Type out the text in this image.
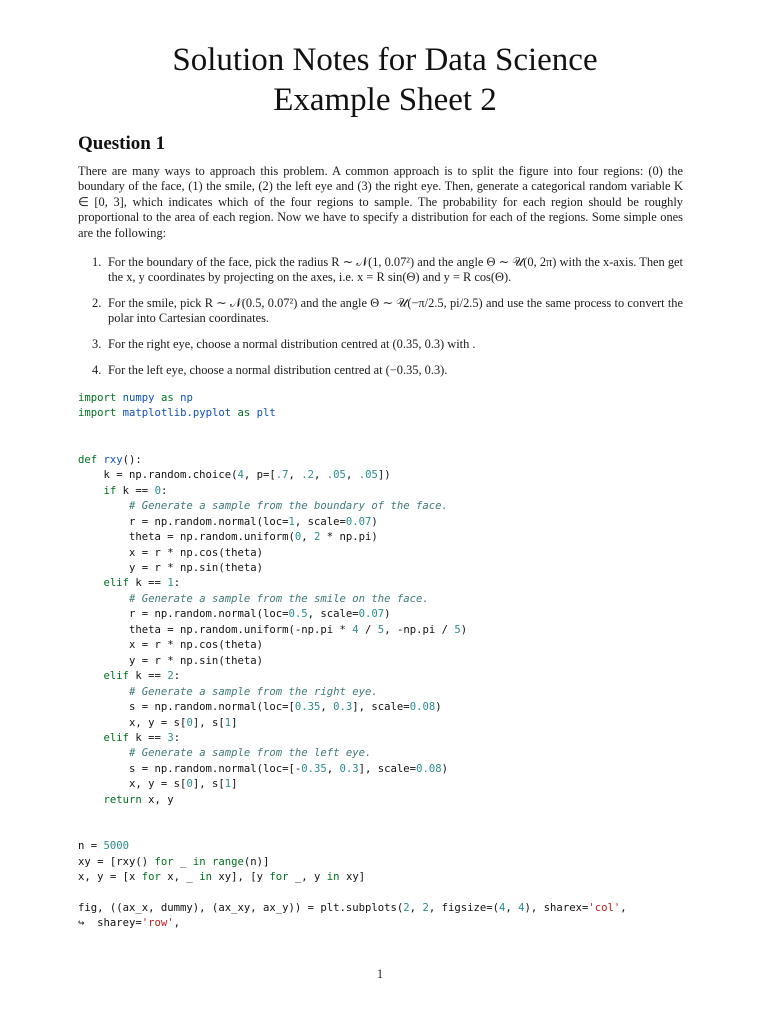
Solution Notes for Data Science
Example Sheet 2
Question 1

There are many ways to approach this problem. A common approach is to split the figure into four regions: (0) the boundary of the face, (1) the smile, (2) the left eye and (3) the right eye. Then, generate a categorical random variable K ∈ [0, 3], which indicates which of the four regions to sample. The probability for each region should be roughly proportional to the area of each region. Now we have to specify a distribution for each of the regions. Some simple ones are the following:

1. For the boundary of the face, pick the radius R ∼ 𝒩(1, 0.07²) and the angle Θ ∼ 𝒰(0, 2π) with the x-axis. Then get the x, y coordinates by projecting on the axes, i.e. x = R sin(Θ) and y = R cos(Θ).
2. For the smile, pick R ∼ 𝒩(0.5, 0.07²) and the angle Θ ∼ 𝒰(−π/2.5, pi/2.5) and use the same process to convert the polar into Cartesian coordinates.
3. For the right eye, choose a normal distribution centred at (0.35, 0.3) with .
4. For the left eye, choose a normal distribution centred at (−0.35, 0.3).
import numpy as np
import matplotlib.pyplot as plt

def rxy():
k = np.random.choice(4, p=[.7, .2, .05, .05])
if k == 0:
# Generate a sample from the boundary of the face.
r = np.random.normal(loc=1, scale=0.07)
theta = np.random.uniform(0, 2 * np.pi)
x = r * np.cos(theta)
y = r * np.sin(theta)
elif k == 1:
# Generate a sample from the smile on the face.
r = np.random.normal(loc=0.5, scale=0.07)
theta = np.random.uniform(-np.pi * 4 / 5, -np.pi / 5)
x = r * np.cos(theta)
y = r * np.sin(theta)
elif k == 2:
# Generate a sample from the right eye.
s = np.random.normal(loc=[0.35, 0.3], scale=0.08)
x, y = s[0], s[1]
elif k == 3:
# Generate a sample from the left eye.
s = np.random.normal(loc=[-0.35, 0.3], scale=0.08)
x, y = s[0], s[1]
return x, y

n = 5000
xy = [rxy() for _ in range(n)]
x, y = [x for x, _ in xy], [y for _, y in xy]

fig, ((ax_x, dummy), (ax_xy, ax_y)) = plt.subplots(2, 2, figsize=(4, 4), sharex='col',
↪  sharey='row',
1
